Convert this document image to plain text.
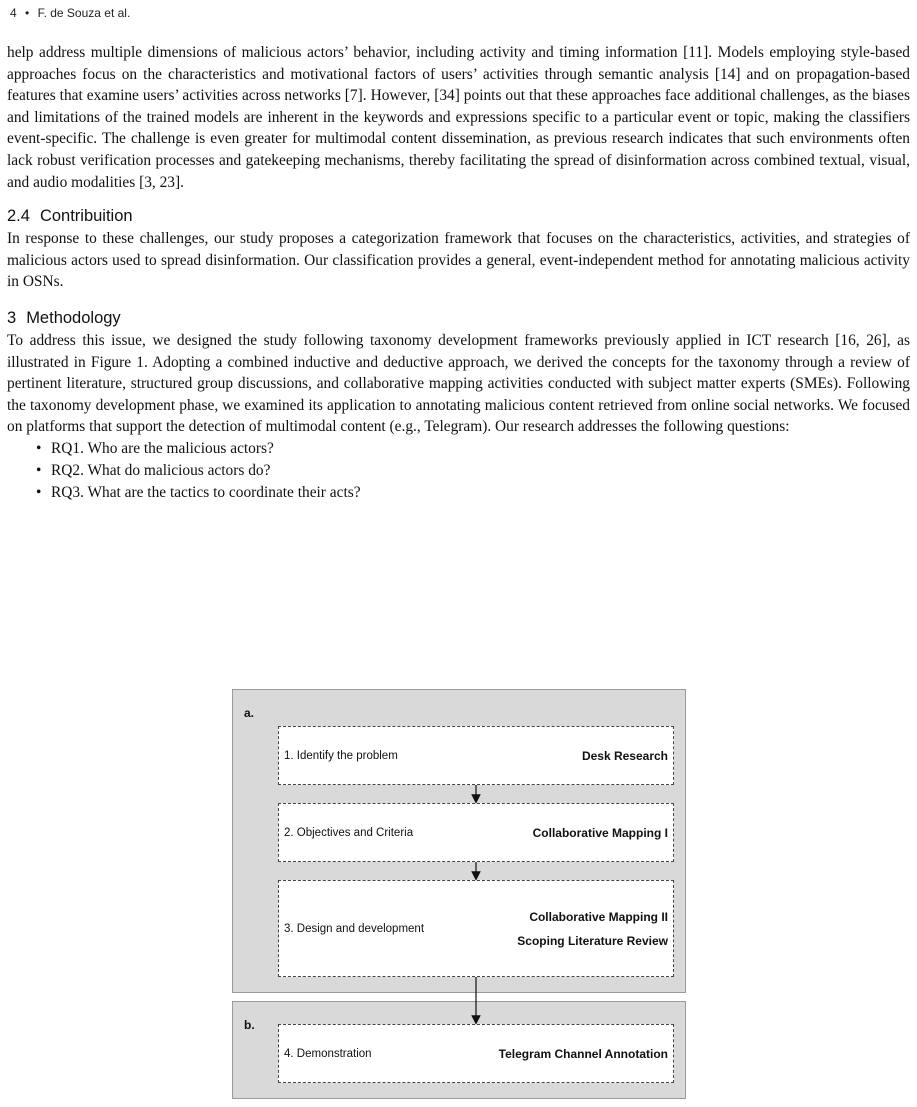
4 • F. de Souza et al.

help address multiple dimensions of malicious actors’ behavior, including activity and timing information [11]. Models employing style-based approaches focus on the characteristics and motivational factors of users’ activities through semantic analysis [14] and on propagation-based features that examine users’ activities across networks [7]. However, [34] points out that these approaches face additional challenges, as the biases and limitations of the trained models are inherent in the keywords and expressions specific to a particular event or topic, making the classifiers event-specific. The challenge is even greater for multimodal content dissemination, as previous research indicates that such environments often lack robust verification processes and gatekeeping mechanisms, thereby facilitating the spread of disinformation across combined textual, visual, and audio modalities [3, 23].

2.4 Contribuition

In response to these challenges, our study proposes a categorization framework that focuses on the characteristics, activities, and strategies of malicious actors used to spread disinformation. Our classification provides a general, event-independent method for annotating malicious activity in OSNs.

3 Methodology

To address this issue, we designed the study following taxonomy development frameworks previously applied in ICT research [16, 26], as illustrated in Figure 1. Adopting a combined inductive and deductive approach, we derived the concepts for the taxonomy through a review of pertinent literature, structured group discussions, and collaborative mapping activities conducted with subject matter experts (SMEs). Following the taxonomy development phase, we examined its application to annotating malicious content retrieved from online social networks. We focused on platforms that support the detection of multimodal content (e.g., Telegram). Our research addresses the following questions:

• RQ1. Who are the malicious actors?
• RQ2. What do malicious actors do?
• RQ3. What are the tactics to coordinate their acts?
a.
1. Identify the problem	Desk Research
2. Objectives and Criteria	Collaborative Mapping I
3. Design and development
Collaborative Mapping II
Scoping Literature Review
b.
4. Demonstration	Telegram Channel Annotation
